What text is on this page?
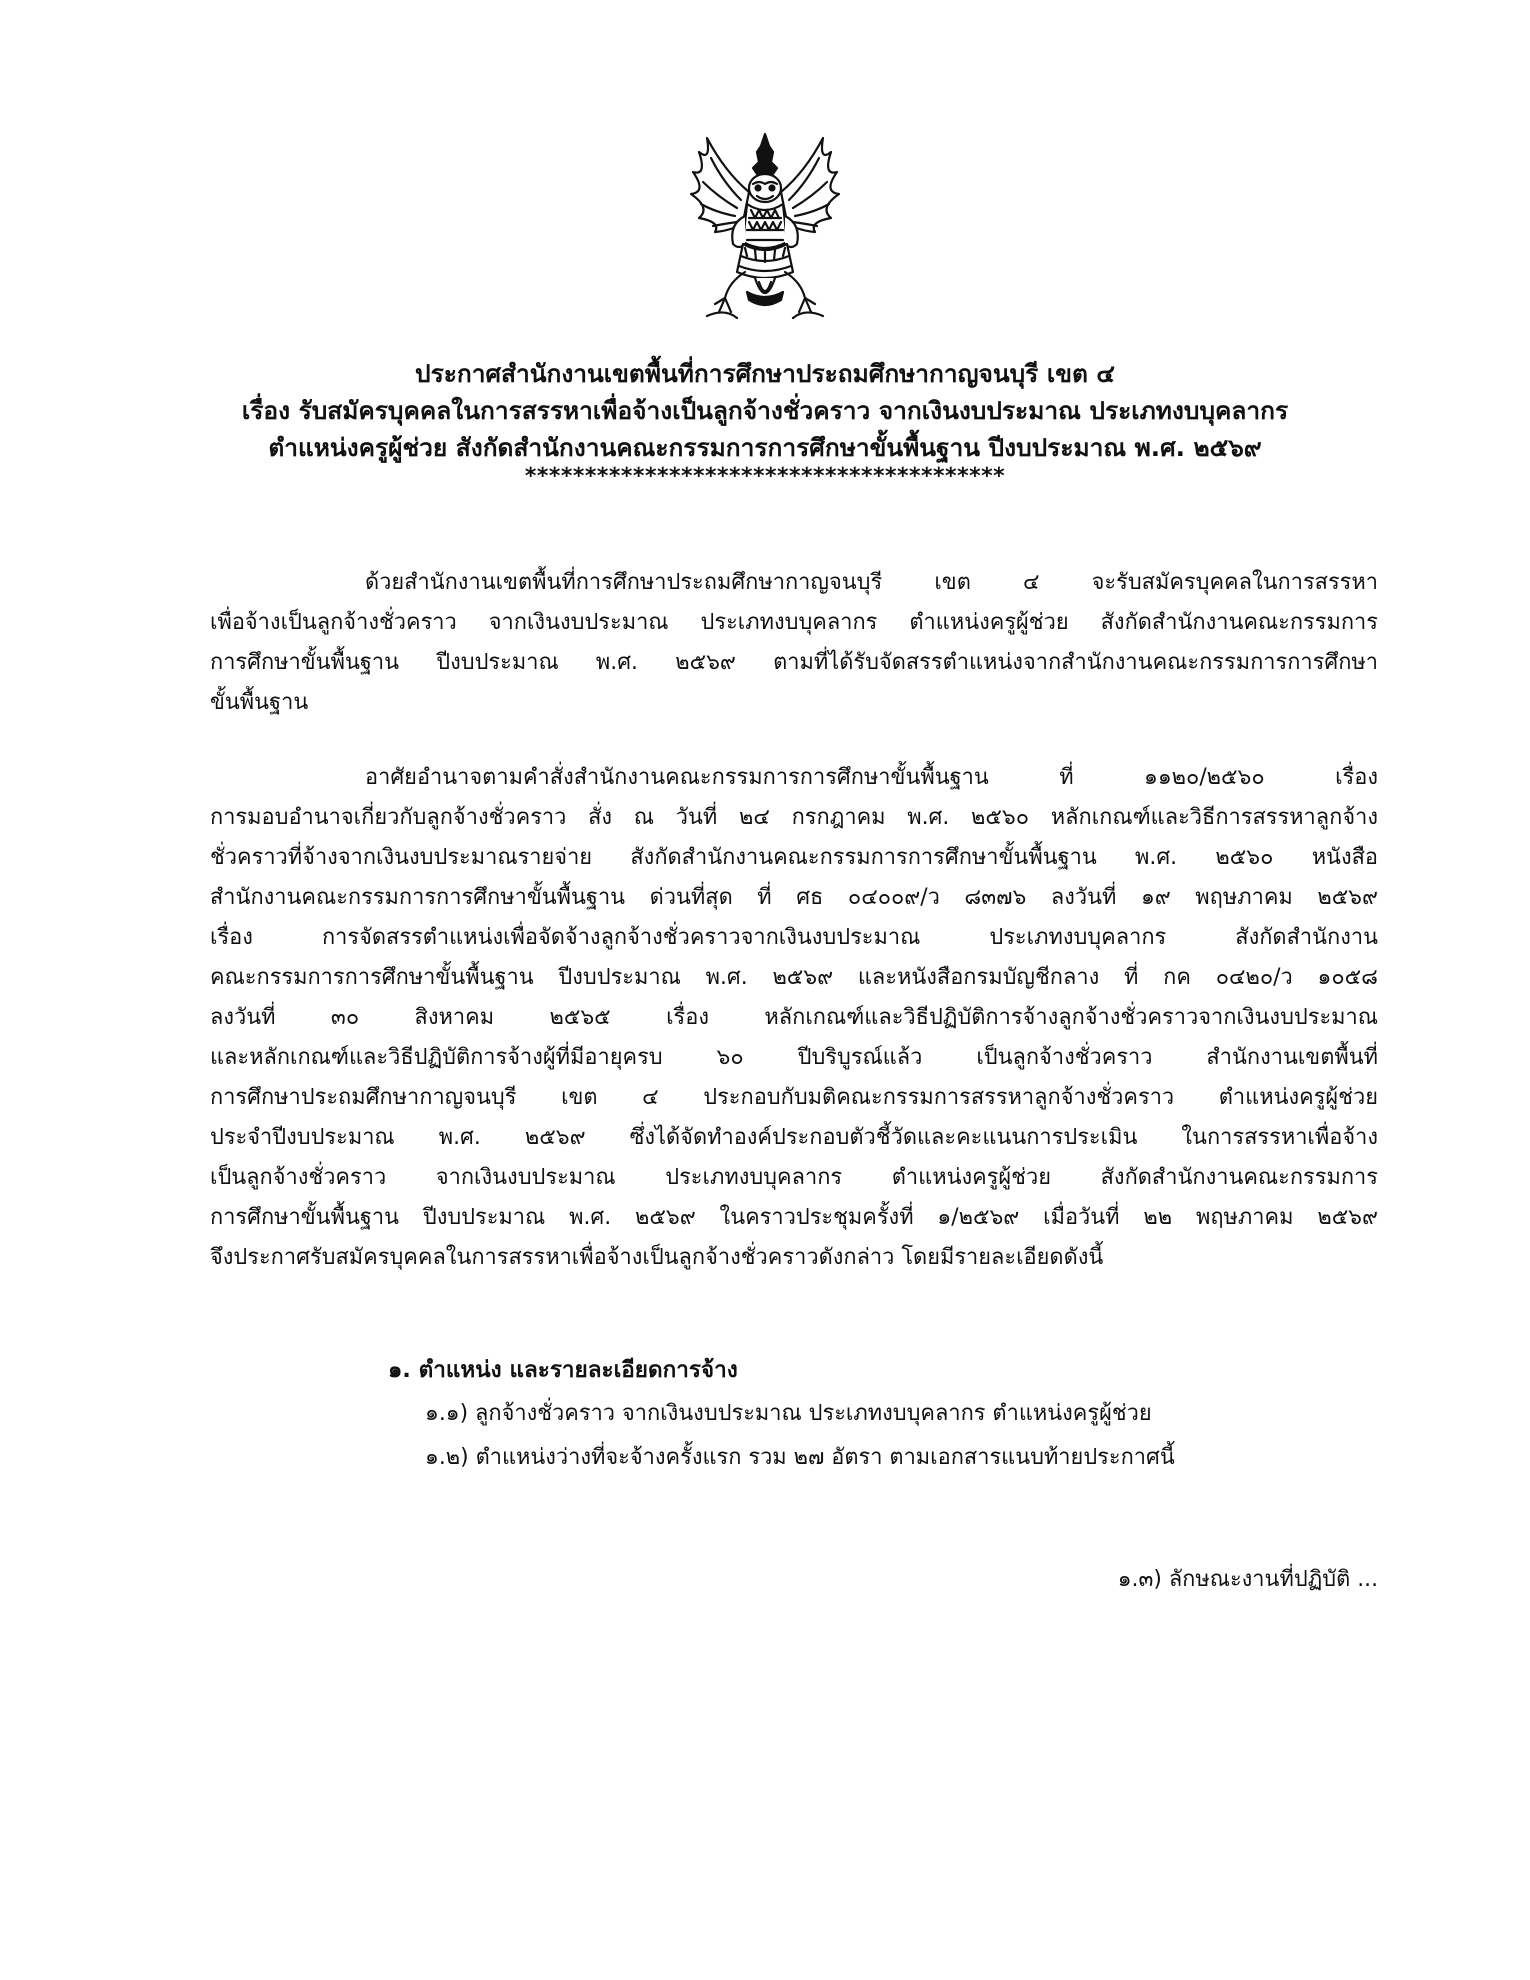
ประกาศสำนักงานเขตพื้นที่การศึกษาประถมศึกษากาญจนบุรี เขต ๔
เรื่อง รับสมัครบุคคลในการสรรหาเพื่อจ้างเป็นลูกจ้างชั่วคราว จากเงินงบประมาณ ประเภทงบบุคลากร
ตำแหน่งครูผู้ช่วย สังกัดสำนักงานคณะกรรมการการศึกษาขั้นพื้นฐาน ปีงบประมาณ พ.ศ. ๒๕๖๙
****************************************
ด้วยสำนักงานเขตพื้นที่การศึกษาประถมศึกษากาญจนบุรี เขต ๔ จะรับสมัครบุคคลในการสรรหา
เพื่อจ้างเป็นลูกจ้างชั่วคราว จากเงินงบประมาณ ประเภทงบบุคลากร ตำแหน่งครูผู้ช่วย สังกัดสำนักงานคณะกรรมการ
การศึกษาขั้นพื้นฐาน ปีงบประมาณ พ.ศ. ๒๕๖๙ ตามที่ได้รับจัดสรรตำแหน่งจากสำนักงานคณะกรรมการการศึกษา
ขั้นพื้นฐาน
อาศัยอำนาจตามคำสั่งสำนักงานคณะกรรมการการศึกษาขั้นพื้นฐาน ที่ ๑๑๒๐/๒๕๖๐ เรื่อง
การมอบอำนาจเกี่ยวกับลูกจ้างชั่วคราว สั่ง ณ วันที่ ๒๔ กรกฎาคม พ.ศ. ๒๕๖๐ หลักเกณฑ์และวิธีการสรรหาลูกจ้าง
ชั่วคราวที่จ้างจากเงินงบประมาณรายจ่าย สังกัดสำนักงานคณะกรรมการการศึกษาขั้นพื้นฐาน พ.ศ. ๒๕๖๐ หนังสือ
สำนักงานคณะกรรมการการศึกษาขั้นพื้นฐาน ด่วนที่สุด ที่ ศธ ๐๔๐๐๙/ว ๘๓๗๖ ลงวันที่ ๑๙ พฤษภาคม ๒๕๖๙
เรื่อง การจัดสรรตำแหน่งเพื่อจัดจ้างลูกจ้างชั่วคราวจากเงินงบประมาณ ประเภทงบบุคลากร สังกัดสำนักงาน
คณะกรรมการการศึกษาขั้นพื้นฐาน ปีงบประมาณ พ.ศ. ๒๕๖๙ และหนังสือกรมบัญชีกลาง ที่ กค ๐๔๒๐/ว ๑๐๕๘
ลงวันที่ ๓๐ สิงหาคม ๒๕๖๕ เรื่อง หลักเกณฑ์และวิธีปฏิบัติการจ้างลูกจ้างชั่วคราวจากเงินงบประมาณ
และหลักเกณฑ์และวิธีปฏิบัติการจ้างผู้ที่มีอายุครบ ๖๐ ปีบริบูรณ์แล้ว เป็นลูกจ้างชั่วคราว สำนักงานเขตพื้นที่
การศึกษาประถมศึกษากาญจนบุรี เขต ๔ ประกอบกับมติคณะกรรมการสรรหาลูกจ้างชั่วคราว ตำแหน่งครูผู้ช่วย
ประจำปีงบประมาณ พ.ศ. ๒๕๖๙ ซึ่งได้จัดทำองค์ประกอบตัวชี้วัดและคะแนนการประเมิน ในการสรรหาเพื่อจ้าง
เป็นลูกจ้างชั่วคราว จากเงินงบประมาณ ประเภทงบบุคลากร ตำแหน่งครูผู้ช่วย สังกัดสำนักงานคณะกรรมการ
การศึกษาขั้นพื้นฐาน ปีงบประมาณ พ.ศ. ๒๕๖๙ ในคราวประชุมครั้งที่ ๑/๒๕๖๙ เมื่อวันที่ ๒๒ พฤษภาคม ๒๕๖๙
จึงประกาศรับสมัครบุคคลในการสรรหาเพื่อจ้างเป็นลูกจ้างชั่วคราวดังกล่าว โดยมีรายละเอียดดังนี้
๑. ตำแหน่ง และรายละเอียดการจ้าง
๑.๑) ลูกจ้างชั่วคราว จากเงินงบประมาณ ประเภทงบบุคลากร ตำแหน่งครูผู้ช่วย
๑.๒) ตำแหน่งว่างที่จะจ้างครั้งแรก รวม ๒๗ อัตรา ตามเอกสารแนบท้ายประกาศนี้
๑.๓) ลักษณะงานที่ปฏิบัติ ...
